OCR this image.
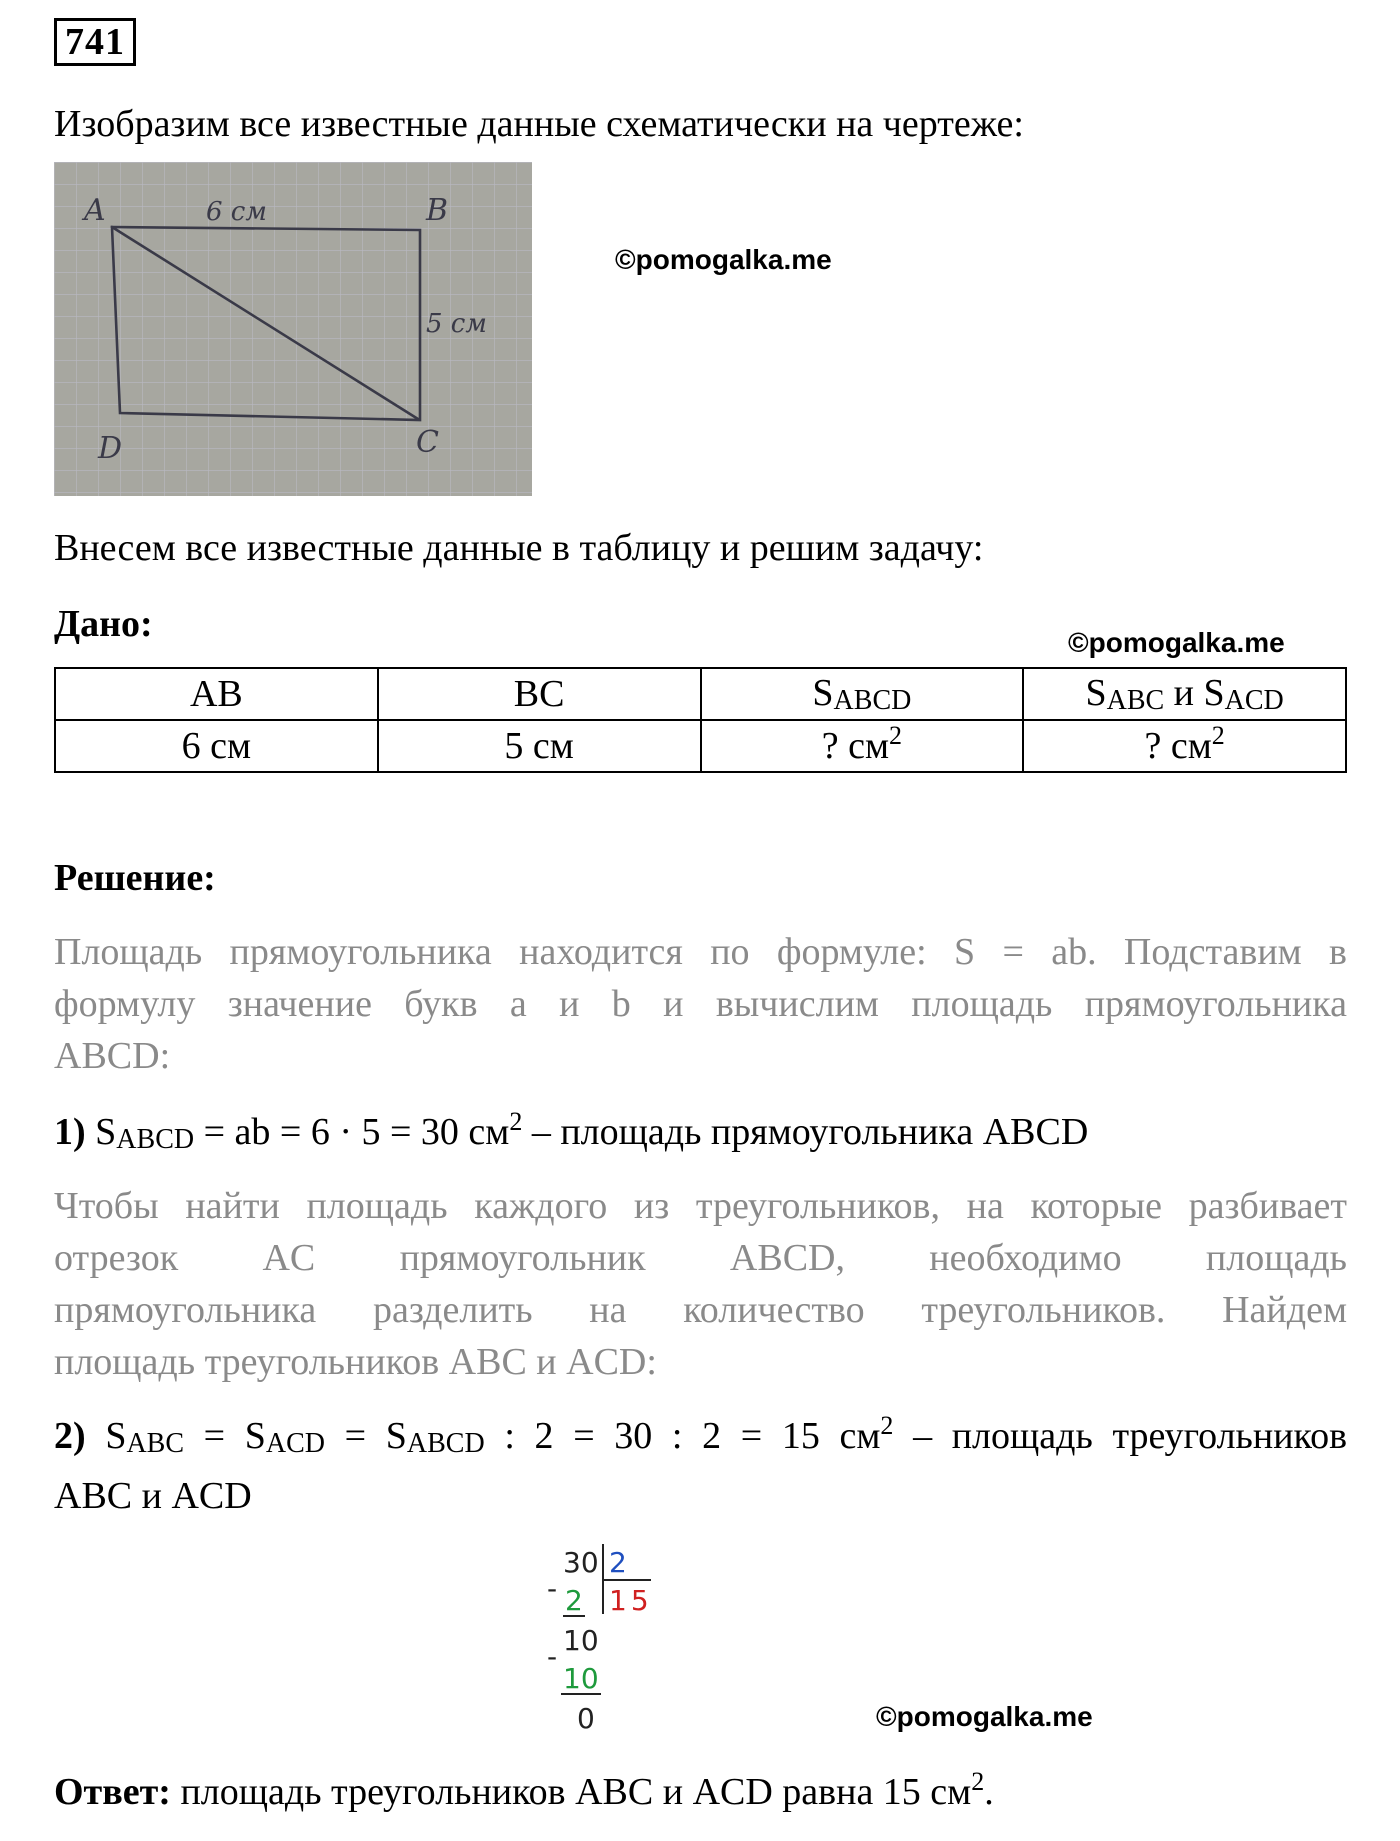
741
Изобразим все известные данные схематически на чертеже:
A	B
C
D
6 см
5 см
©pomogalka.me
Внесем все известные данные в таблицу и решим задачу:
Дано:	©pomogalka.me
AB	BC	$S_{ABCD}$	$S_{ABC}$ и $S_{ACD}$
6 см	5 см	? $см^2$	? $см^2$
Решение:
Площадь прямоугольника находится по формуле: S = ab. Подставим в
формулу значение букв a и b и вычислим площадь прямоугольника
ABCD:
1) $S_{ABCD}$ = ab = 6 · 5 = 30 $см^2$ – площадь прямоугольника ABCD
Чтобы найти площадь каждого из треугольников, на которые разбивает
отрезок AC прямоугольник ABCD, необходимо площадь
прямоугольника разделить на количество треугольников. Найдем
площадь треугольников ABC и ACD:
2) $S_{ABC} = S_{ACD} = S_{ABCD}$ : 2 = 30 : 2 = 15 $см^2$ – площадь треугольников
ABC и ACD
30 2
- 2 15
10
-
10
0	©pomogalka.me
Ответ: площадь треугольников ABC и ACD равна 15 $см^2$.
